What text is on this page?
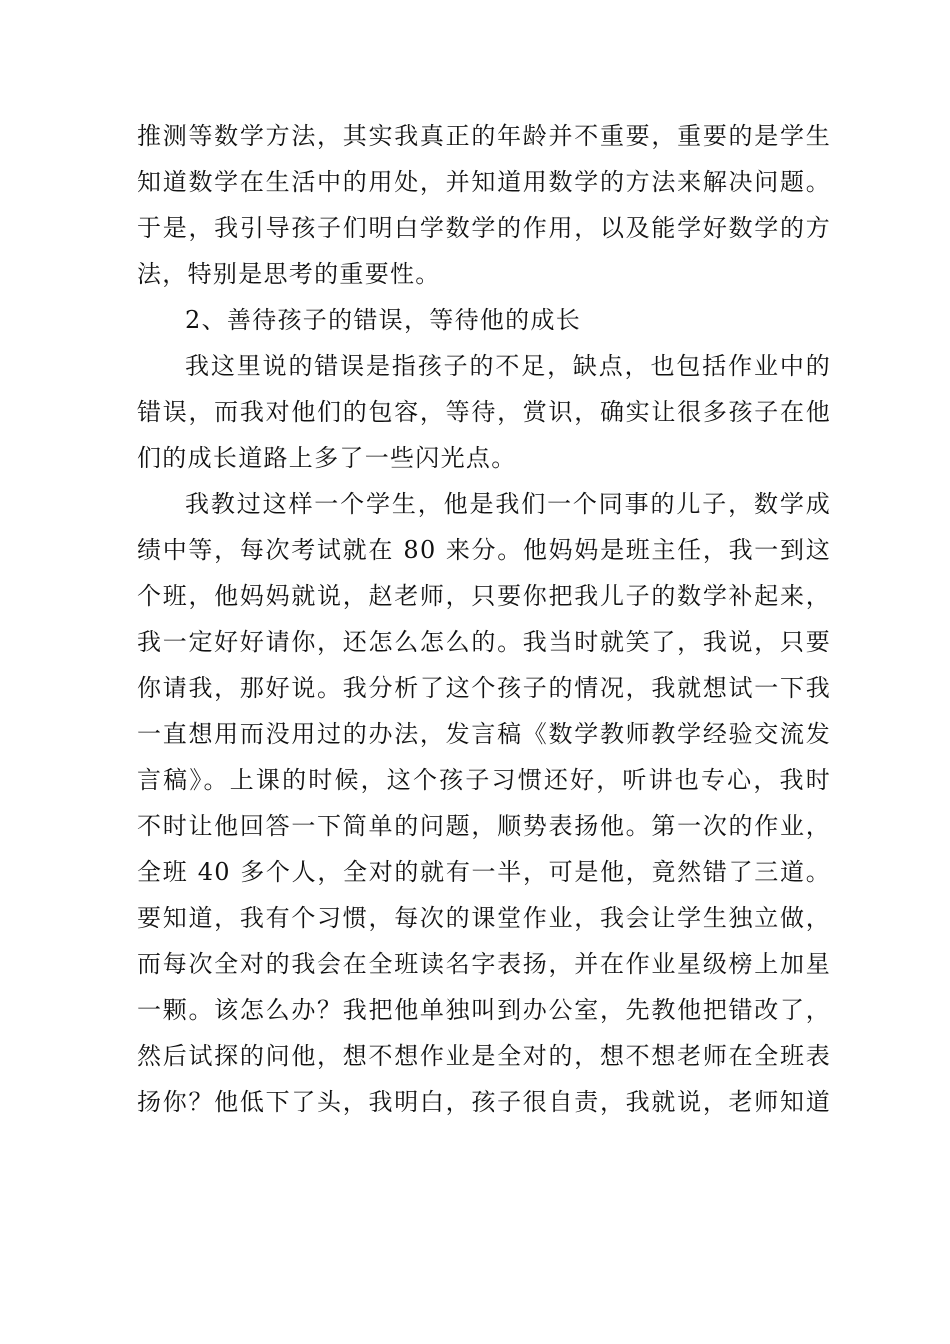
推测等数学方法，其实我真正的年龄并不重要，重要的是学生
知道数学在生活中的用处，并知道用数学的方法来解决问题。
于是，我引导孩子们明白学数学的作用，以及能学好数学的方
法，特别是思考的重要性。

2、善待孩子的错误，等待他的成长

我这里说的错误是指孩子的不足，缺点，也包括作业中的
错误，而我对他们的包容，等待，赏识，确实让很多孩子在他
们的成长道路上多了一些闪光点。

我教过这样一个学生，他是我们一个同事的儿子，数学成
绩中等，每次考试就在 80 来分。他妈妈是班主任，我一到这
个班，他妈妈就说，赵老师，只要你把我儿子的数学补起来，
我一定好好请你，还怎么怎么的。我当时就笑了，我说，只要
你请我，那好说。我分析了这个孩子的情况，我就想试一下我
一直想用而没用过的办法，发言稿《数学教师教学经验交流发
言稿》。上课的时候，这个孩子习惯还好，听讲也专心，我时
不时让他回答一下简单的问题，顺势表扬他。第一次的作业，
全班 40 多个人，全对的就有一半，可是他，竟然错了三道。
要知道，我有个习惯，每次的课堂作业，我会让学生独立做，
而每次全对的我会在全班读名字表扬，并在作业星级榜上加星
一颗。该怎么办？我把他单独叫到办公室，先教他把错改了，
然后试探的问他，想不想作业是全对的，想不想老师在全班表
扬你？他低下了头，我明白，孩子很自责，我就说，老师知道
